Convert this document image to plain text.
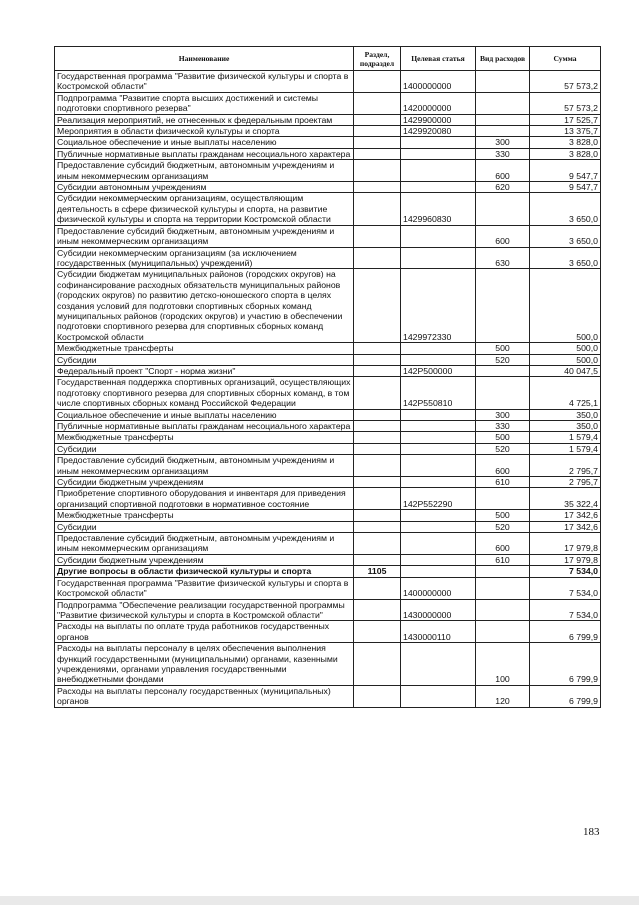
Наименование	Раздел, подраздел	Целевая статья	Вид расходов	Сумма
Государственная программа "Развитие физической культуры и спорта в Костромской области"		1400000000		57 573,2
Подпрограмма "Развитие спорта высших достижений и системы подготовки спортивного резерва"		1420000000		57 573,2
Реализация мероприятий, не отнесенных к федеральным проектам		1429900000		17 525,7
Мероприятия в области физической культуры и спорта		1429920080		13 375,7
Социальное обеспечение и иные выплаты населению			300	3 828,0
Публичные нормативные выплаты гражданам несоциального характера			330	3 828,0
Предоставление субсидий бюджетным, автономным учреждениям и иным некоммерческим организациям			600	9 547,7
Субсидии автономным учреждениям			620	9 547,7
Субсидии некоммерческим организациям, осуществляющим деятельность в сфере физической культуры и спорта, на развитие физической культуры и спорта на территории Костромской области		1429960830		3 650,0
Предоставление субсидий бюджетным, автономным учреждениям и иным некоммерческим организациям			600	3 650,0
Субсидии некоммерческим организациям (за исключением государственных (муниципальных) учреждений)			630	3 650,0
Субсидии бюджетам муниципальных районов (городских округов) на софинансирование расходных обязательств муниципальных районов (городских округов) по развитию детско-юношеского спорта в целях создания условий для подготовки спортивных сборных команд муниципальных районов (городских округов) и участию в обеспечении подготовки спортивного резерва для спортивных сборных команд Костромской области		1429972330		500,0
Межбюджетные трансферты			500	500,0
Субсидии			520	500,0
Федеральный проект "Спорт - норма жизни"		142P500000		40 047,5
Государственная поддержка спортивных организаций, осуществляющих подготовку спортивного резерва для спортивных сборных команд, в том числе спортивных сборных команд Российской Федерации		142P550810		4 725,1
Социальное обеспечение и иные выплаты населению			300	350,0
Публичные нормативные выплаты гражданам несоциального характера			330	350,0
Межбюджетные трансферты			500	1 579,4
Субсидии			520	1 579,4
Предоставление субсидий бюджетным, автономным учреждениям и иным некоммерческим организациям			600	2 795,7
Субсидии бюджетным учреждениям			610	2 795,7
Приобретение спортивного оборудования и инвентаря для приведения организаций спортивной подготовки в нормативное состояние		142P552290		35 322,4
Межбюджетные трансферты			500	17 342,6
Субсидии			520	17 342,6
Предоставление субсидий бюджетным, автономным учреждениям и иным некоммерческим организациям			600	17 979,8
Субсидии бюджетным учреждениям			610	17 979,8
Другие вопросы в области физической культуры и спорта	1105			7 534,0
Государственная программа "Развитие физической культуры и спорта в Костромской области"		1400000000		7 534,0
Подпрограмма "Обеспечение реализации государственной программы "Развитие физической культуры и спорта в Костромской области"		1430000000		7 534,0
Расходы на выплаты по оплате труда работников государственных органов		1430000110		6 799,9
Расходы на выплаты персоналу в целях обеспечения выполнения функций государственными (муниципальными) органами, казенными учреждениями, органами управления государственными внебюджетными фондами			100	6 799,9
Расходы на выплаты персоналу государственных (муниципальных) органов			120	6 799,9
183
